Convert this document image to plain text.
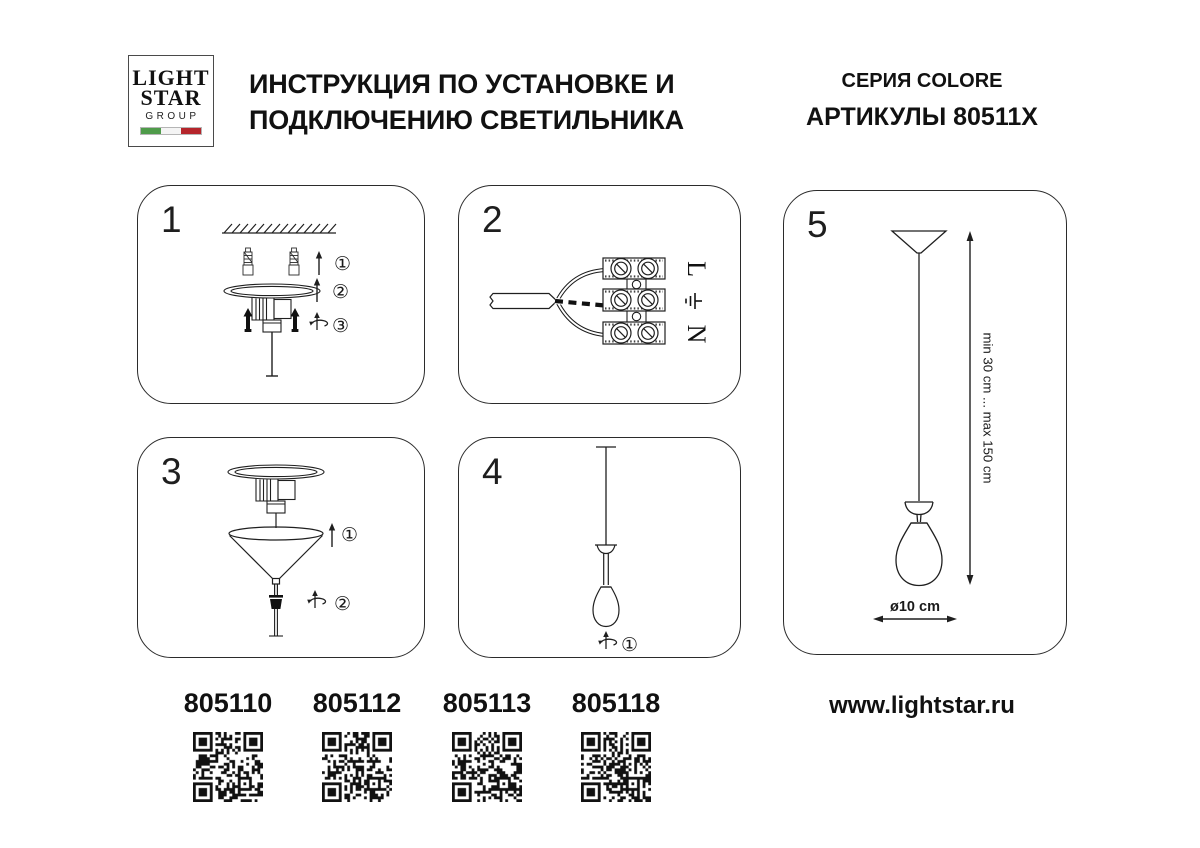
LIGHT
STAR
GROUP
ИНСТРУКЦИЯ ПО УСТАНОВКЕ И
ПОДКЛЮЧЕНИЮ СВЕТИЛЬНИКА
СЕРИЯ COLORE
АРТИКУЛЫ 80511X
1
①
②
③
2
L
N
3
①
②
4
①
5
min 30 cm ... max 150 cm
ø10 cm
805110	805112	805113	805118	www.lightstar.ru
